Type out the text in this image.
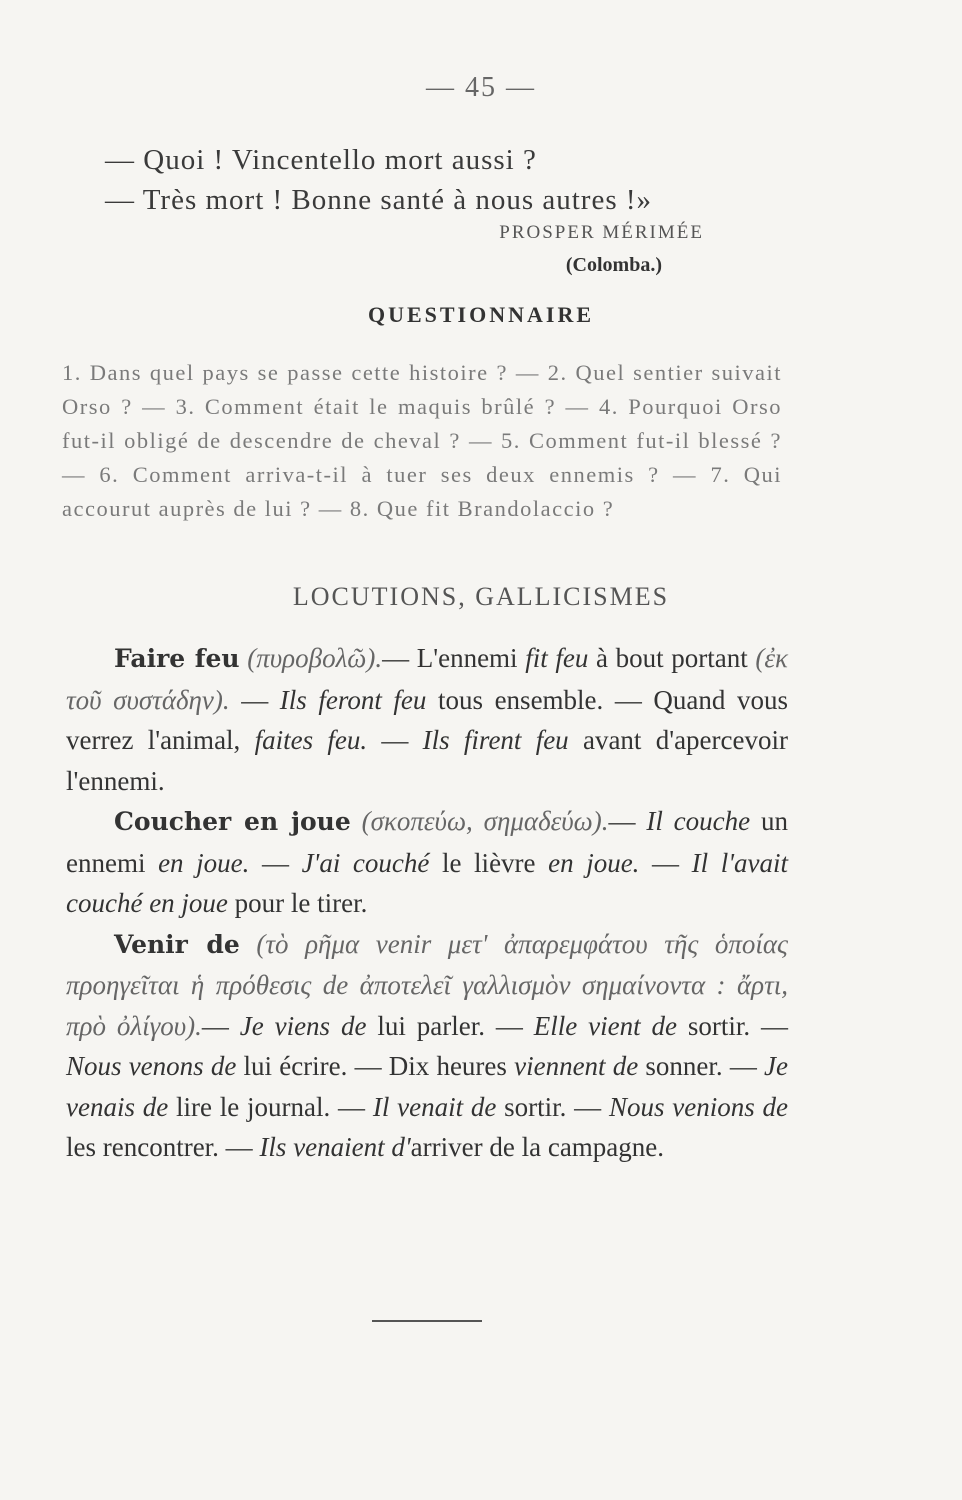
— 45 —
— Quoi ! Vincentello mort aussi ?
— Très mort ! Bonne santé à nous autres !»
PROSPER MÉRIMÉE
(Colomba.)
QUESTIONNAIRE

1. Dans quel pays se passe cette histoire ? — 2. Quel sentier suivait Orso ? — 3. Comment était le maquis brûlé ? — 4. Pourquoi Orso fut-il obligé de descendre de cheval ? — 5. Comment fut-il blessé ? — 6. Comment arriva-t-il à tuer ses deux ennemis ? — 7. Qui accourut auprès de lui ? — 8. Que fit Brandolaccio ?

LOCUTIONS, GALLICISMES

Faire feu (πυροβολῶ).— L'ennemi fit feu à bout portant (ἐκ τοῦ συστάδην). — Ils feront feu tous ensemble. — Quand vous verrez l'animal, faites feu. — Ils firent feu avant d'apercevoir l'ennemi.

Coucher en joue (σκοπεύω, σημαδεύω).— Il couche un ennemi en joue. — J'ai couché le lièvre en joue. — Il l'avait couché en joue pour le tirer.

Venir de (τὸ ρῆμα venir μετ' ἀπαρεμφάτου τῆς ὁποίας προηγεῖται ἡ πρόθεσις de ἀποτελεῖ γαλλισμὸν σημαίνοντα : ἄρτι, πρὸ ὀλίγου).— Je viens de lui parler. — Elle vient de sortir. — Nous venons de lui écrire. — Dix heures viennent de sonner. — Je venais de lire le journal. — Il venait de sortir. — Nous venions de les rencontrer. — Ils venaient d'arriver de la campagne.
